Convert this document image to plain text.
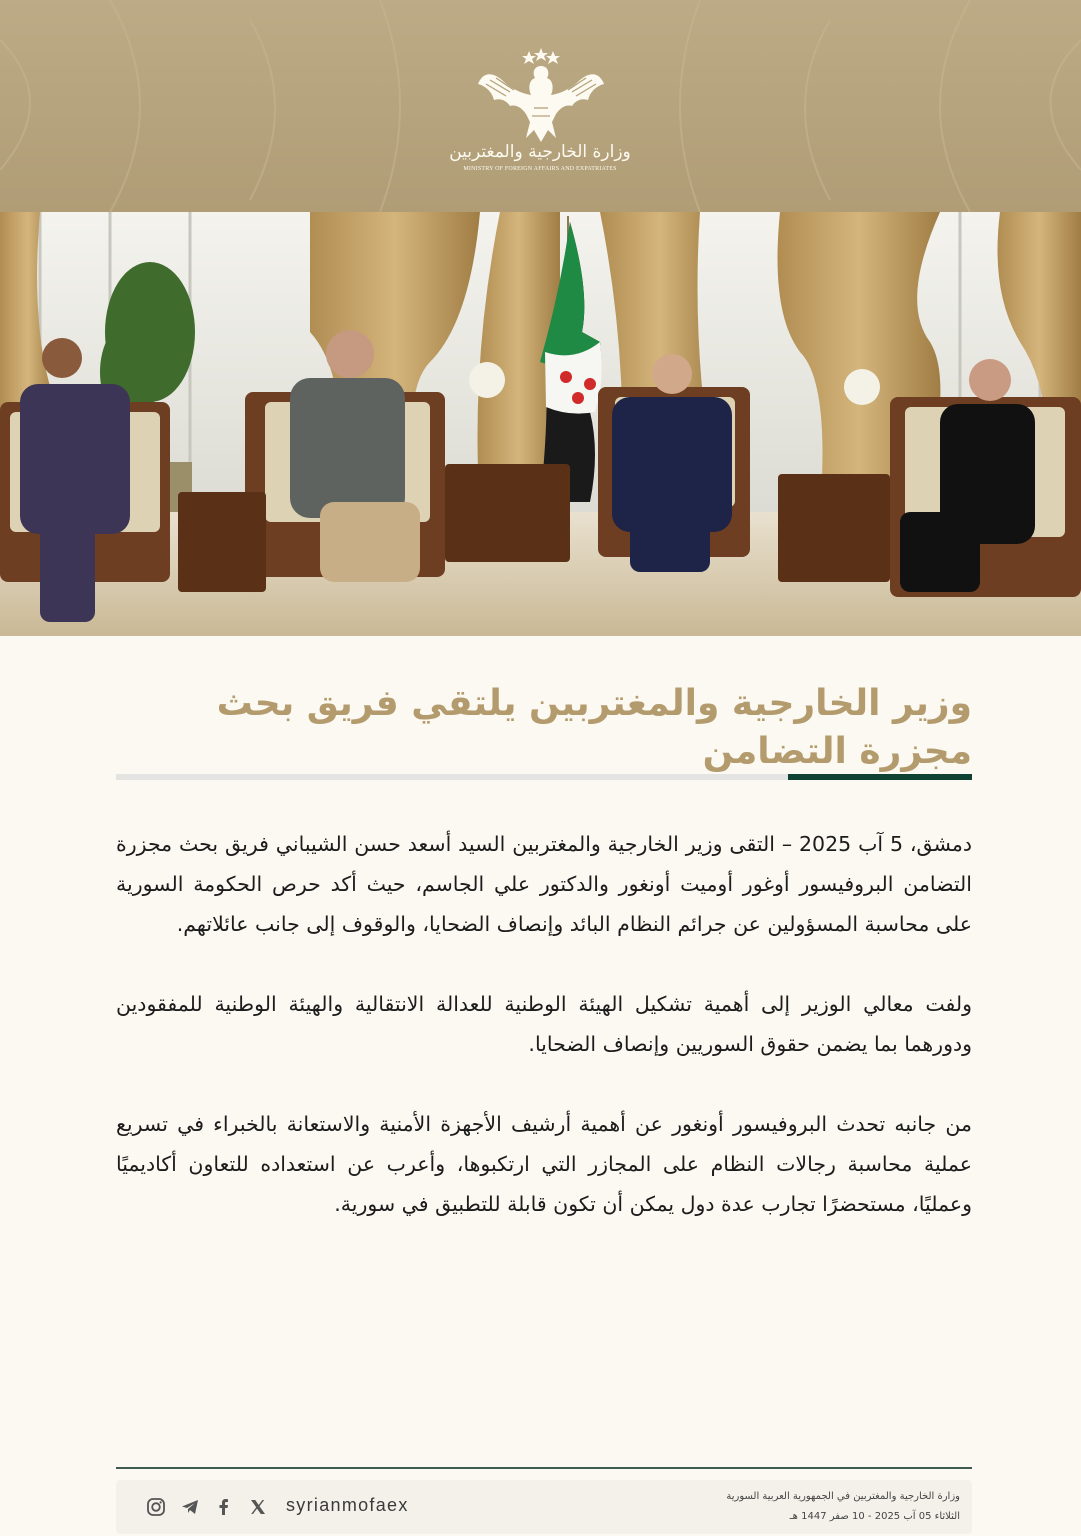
وزارة الخارجية والمغتربين
MINISTRY OF FOREIGN AFFAIRS AND EXPATRIATES
وزير الخارجية والمغتربين يلتقي فريق بحث مجزرة التضامن

دمشق، 5 آب 2025 – التقى وزير الخارجية والمغتربين السيد أسعد حسن الشيباني فريق بحث مجزرة التضامن البروفيسور أوغور أوميت أونغور والدكتور علي الجاسم، حيث أكد حرص الحكومة السورية على محاسبة المسؤولين عن جرائم النظام البائد وإنصاف الضحايا، والوقوف إلى جانب عائلاتهم.

ولفت معالي الوزير إلى أهمية تشكيل الهيئة الوطنية للعدالة الانتقالية والهيئة الوطنية للمفقودين ودورهما بما يضمن حقوق السوريين وإنصاف الضحايا.

من جانبه تحدث البروفيسور أونغور عن أهمية أرشيف الأجهزة الأمنية والاستعانة بالخبراء في تسريع عملية محاسبة رجالات النظام على المجازر التي ارتكبوها، وأعرب عن استعداده للتعاون أكاديميًا وعمليًا، مستحضرًا تجارب عدة دول يمكن أن تكون قابلة للتطبيق في سورية.

syrianmofaex	وزارة الخارجية والمغتربين في الجمهورية العربية السورية
الثلاثاء 05 آب 2025 - 10 صفر 1447 هـ
